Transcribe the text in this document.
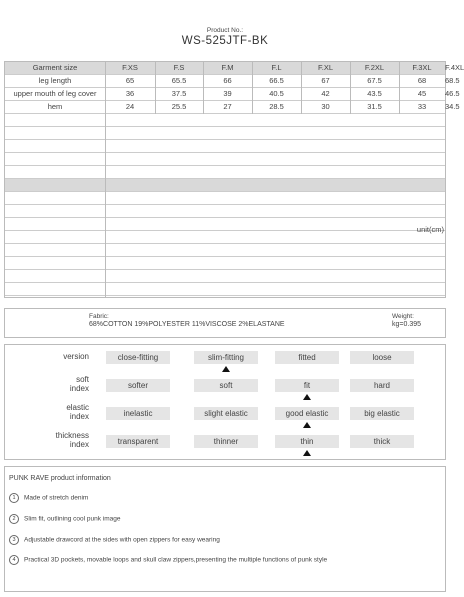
Product No.:
WS-525JTF-BK
Garment size	F.XS	F.S	F.M	F.L	F.XL	F.2XL	F.3XL	F.4XL
leg length	65	65.5	66	66.5	67	67.5	68	68.5
upper mouth of leg cover	36	37.5	39	40.5	42	43.5	45	46.5
hem	24	25.5	27	28.5	30	31.5	33	34.5
unit(cm)
Fabric:
68%COTTON 19%POLYESTER 11%VISCOSE 2%ELASTANE
Weight:
kg=0.395
version	close-fitting	slim-fitting	fitted	loose
soft
index	softer	soft	fit	hard
elastic
index	inelastic	slight elastic	good elastic	big elastic
thickness
index	transparent	thinner	thin	thick
PUNK RAVE product information
1 Made of stretch denim
2 Slim fit, outlining cool punk image
3 Adjustable drawcord at the sides with open zippers for easy wearing
4 Practical 3D pockets, movable loops and skull claw zippers,presenting the multiple functions of punk style
